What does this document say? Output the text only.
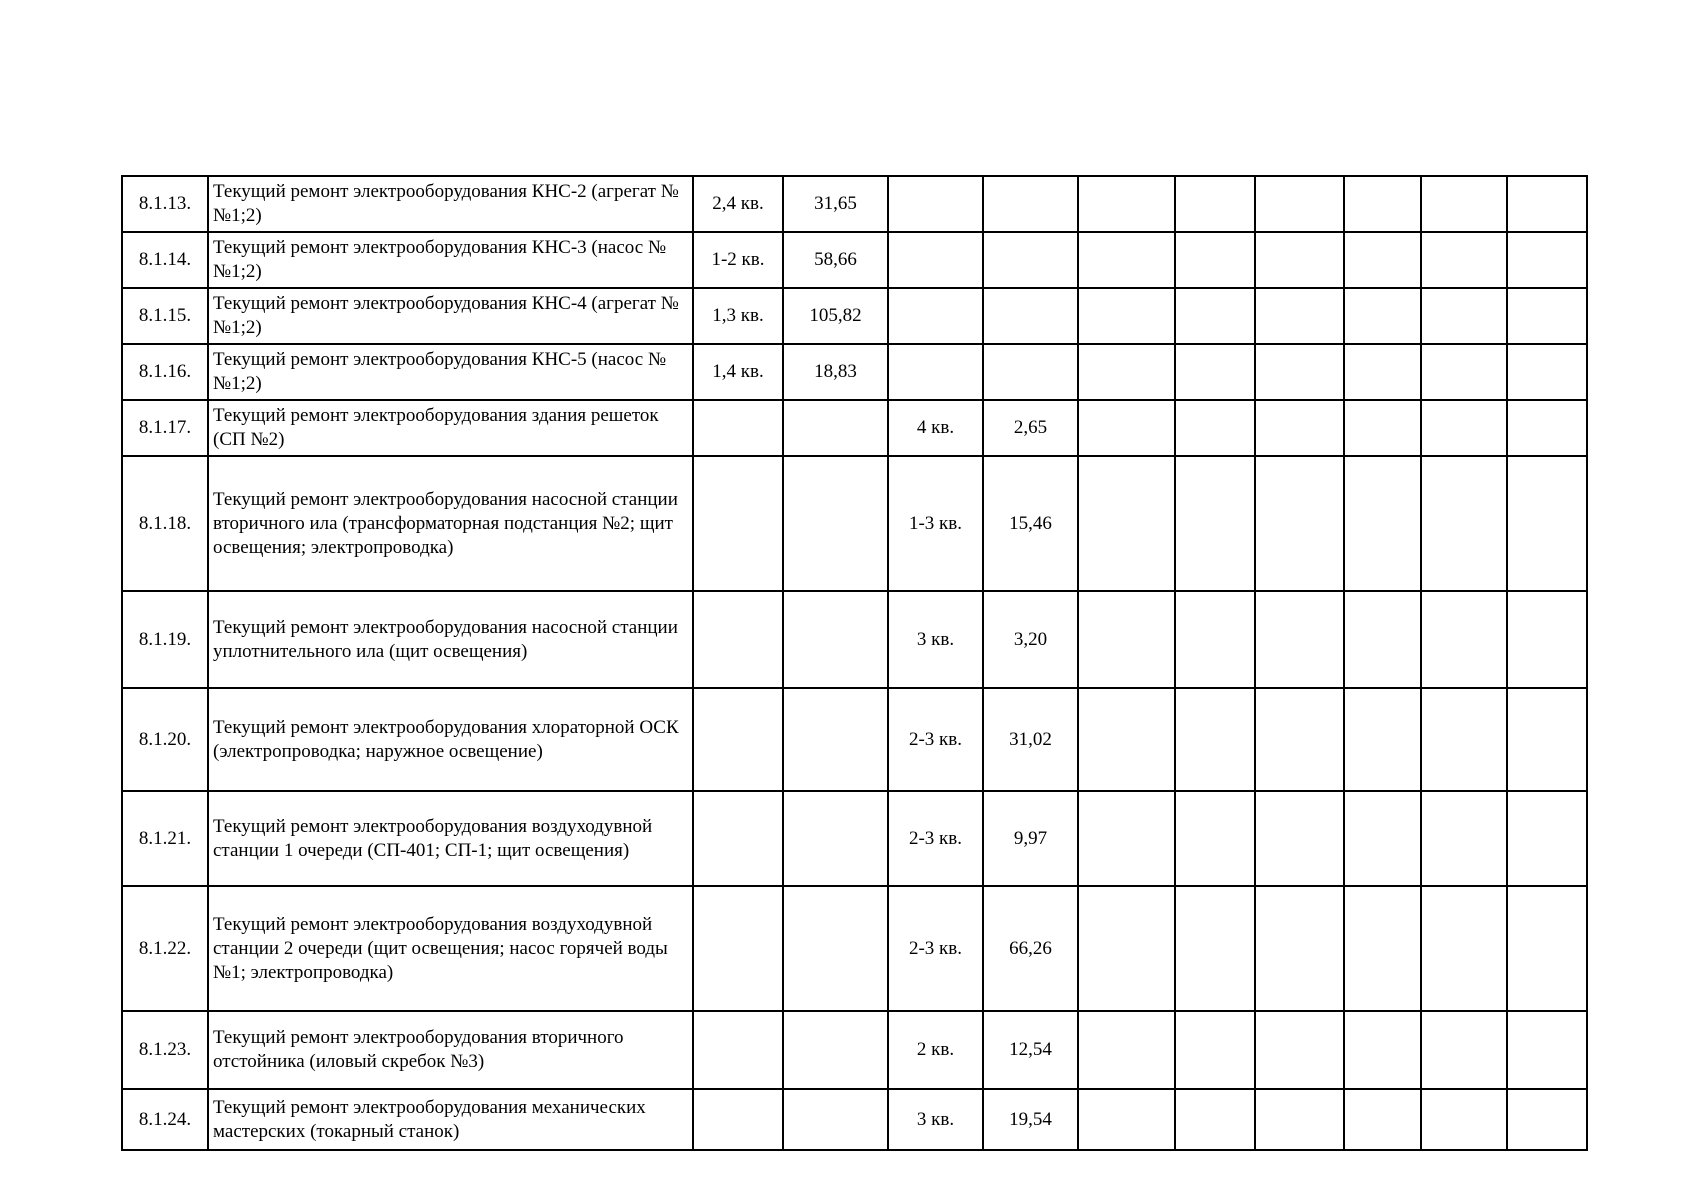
8.1.13.	Текущий ремонт электрооборудования КНС-2 (агрегат №№1;2)	2,4 кв.	31,65								
8.1.14.	Текущий ремонт электрооборудования КНС-3 (насос №№1;2)	1-2 кв.	58,66								
8.1.15.	Текущий ремонт электрооборудования КНС-4 (агрегат №№1;2)	1,3 кв.	105,82								
8.1.16.	Текущий ремонт электрооборудования КНС-5 (насос №№1;2)	1,4 кв.	18,83								
8.1.17.	Текущий ремонт электрооборудования здания решеток (СП №2)			4 кв.	2,65						
8.1.18.	Текущий ремонт электрооборудования насосной станции вторичного ила (трансформаторная подстанция №2; щит освещения; электропроводка)			1-3 кв.	15,46						
8.1.19.	Текущий ремонт электрооборудования насосной станции уплотнительного ила (щит освещения)			3 кв.	3,20						
8.1.20.	Текущий ремонт электрооборудования хлораторной ОСК (электропроводка; наружное освещение)			2-3 кв.	31,02						
8.1.21.	Текущий ремонт электрооборудования воздуходувной станции 1 очереди (СП-401; СП-1; щит освещения)			2-3 кв.	9,97						
8.1.22.	Текущий ремонт электрооборудования воздуходувной станции 2 очереди (щит освещения; насос горячей воды №1; электропроводка)			2-3 кв.	66,26						
8.1.23.	Текущий ремонт электрооборудования вторичного отстойника (иловый скребок №3)			2 кв.	12,54						
8.1.24.	Текущий ремонт электрооборудования механических мастерских (токарный станок)			3 кв.	19,54						
